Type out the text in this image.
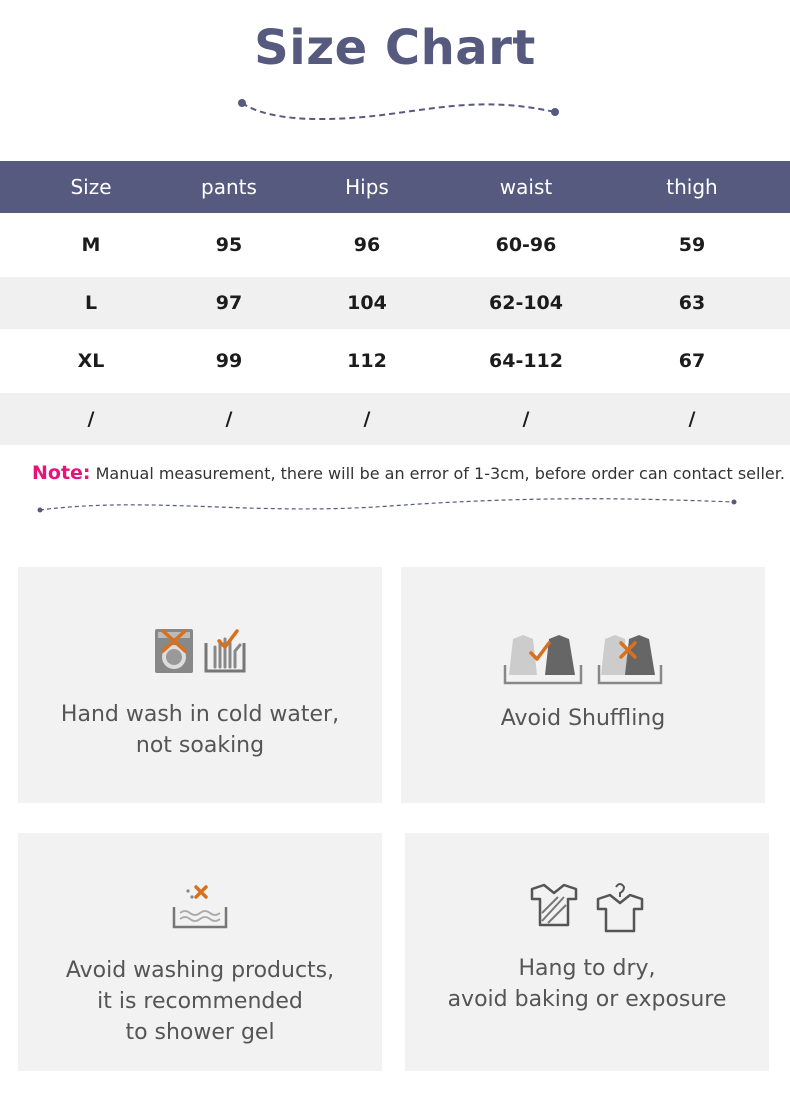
Size Chart
Size	pants	Hips	waist	thigh
M	95	96	60-96	59
L	97	104	62-104	63
XL	99	112	64-112	67
/	/	/	/	/
Note: Manual measurement, there will be an error of 1-3cm, before order can contact seller.
Hand wash in cold water,
not soaking
Avoid Shuffling
Avoid washing products,
it is recommended
to shower gel
Hang to dry,
avoid baking or exposure
